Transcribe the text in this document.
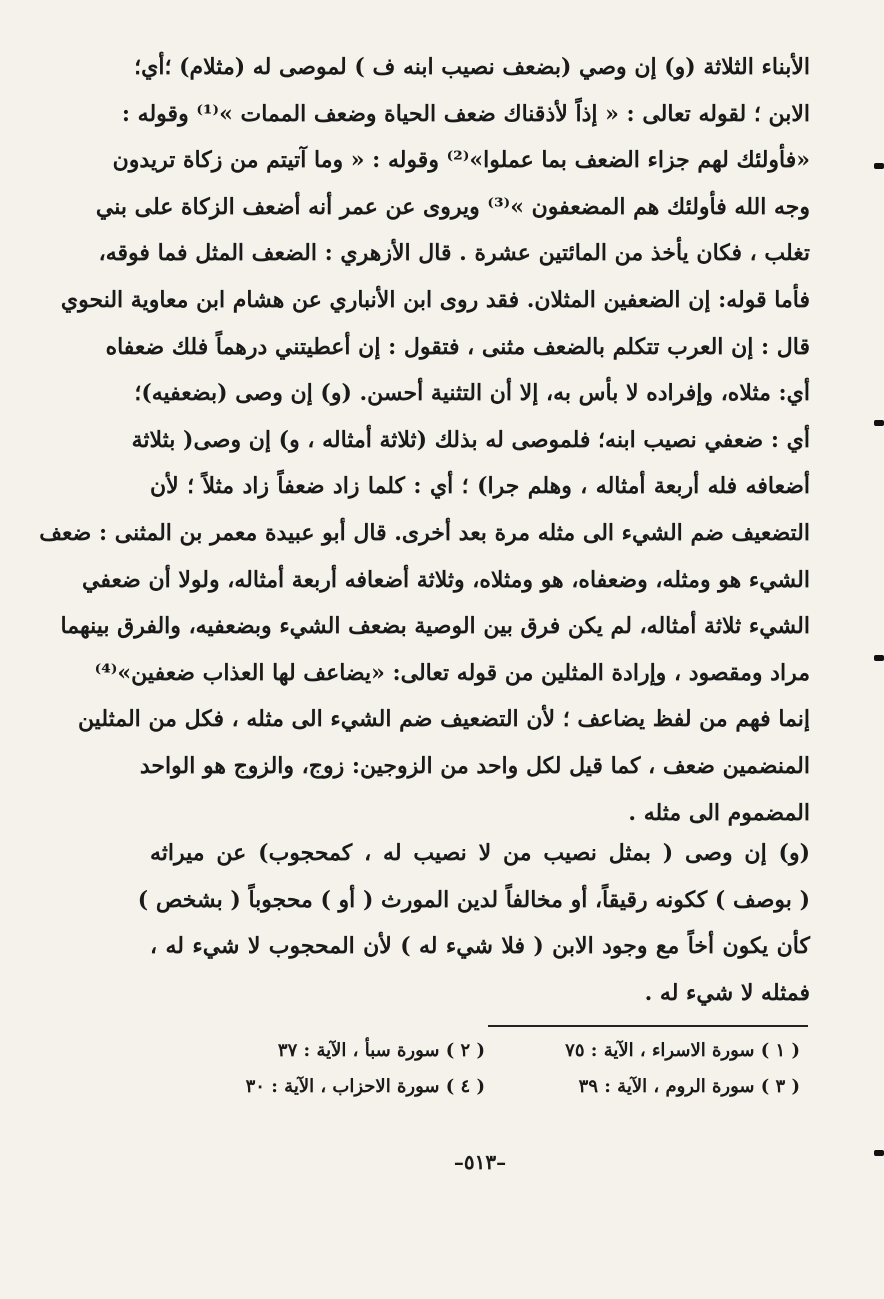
الأبناء الثلاثة (و) إن وصي (بضعف نصيب ابنه ف ) لموصى له (مثلام) ؛أي؛
الابن ؛ لقوله تعالى : « إذاً لأذقناك ضعف الحياة وضعف الممات »⁽¹⁾ وقوله :
«فأولئك لهم جزاء الضعف بما عملوا»⁽²⁾ وقوله : « وما آتيتم من زكاة تريدون
وجه الله فأولئك هم المضعفون »⁽³⁾ ويروى عن عمر أنه أضعف الزكاة على بني
تغلب ، فكان يأخذ من المائتين عشرة . قال الأزهري : الضعف المثل فما فوقه،
فأما قوله: إن الضعفين المثلان. فقد روى ابن الأنباري عن هشام ابن معاوية النحوي
قال : إن العرب تتكلم بالضعف مثنى ، فتقول : إن أعطيتني درهماً فلك ضعفاه
أي: مثلاه، وإفراده لا بأس به، إلا أن التثنية أحسن. (و) إن وصى (بضعفيه)؛
أي : ضعفي نصيب ابنه؛ فلموصى له بذلك (ثلاثة أمثاله ، و) إن وصى( بثلاثة
أضعافه فله أربعة أمثاله ، وهلم جرا) ؛ أي : كلما زاد ضعفاً زاد مثلاً ؛ لأن
التضعيف ضم الشيء الى مثله مرة بعد أخرى. قال أبو عبيدة معمر بن المثنى : ضعف
الشيء هو ومثله، وضعفاه، هو ومثلاه، وثلاثة أضعافه أربعة أمثاله، ولولا أن ضعفي
الشيء ثلاثة أمثاله، لم يكن فرق بين الوصية بضعف الشيء وبضعفيه، والفرق بينهما
مراد ومقصود ، وإرادة المثلين من قوله تعالى: «يضاعف لها العذاب ضعفين»⁽⁴⁾
إنما فهم من لفظ يضاعف ؛ لأن التضعيف ضم الشيء الى مثله ، فكل من المثلين
المنضمين ضعف ، كما قيل لكل واحد من الزوجين: زوج، والزوج هو الواحد
المضموم الى مثله .
(و) إن وصى ( بمثل نصيب من لا نصيب له ، كمحجوب) عن ميراثه
( بوصف ) ككونه رقيقاً، أو مخالفاً لدين المورث ( أو ) محجوباً ( بشخص )
كأن يكون أخاً مع وجود الابن ( فلا شيء له ) لأن المحجوب لا شيء له ،
فمثله لا شيء له .
( ١ ) سورة الاسراء ، الآية : ٧٥
( ٢ ) سورة سبأ ، الآية : ٣٧
( ٣ ) سورة الروم ، الآية : ٣٩
( ٤ ) سورة الاحزاب ، الآية : ٣٠
–٥١٣–
